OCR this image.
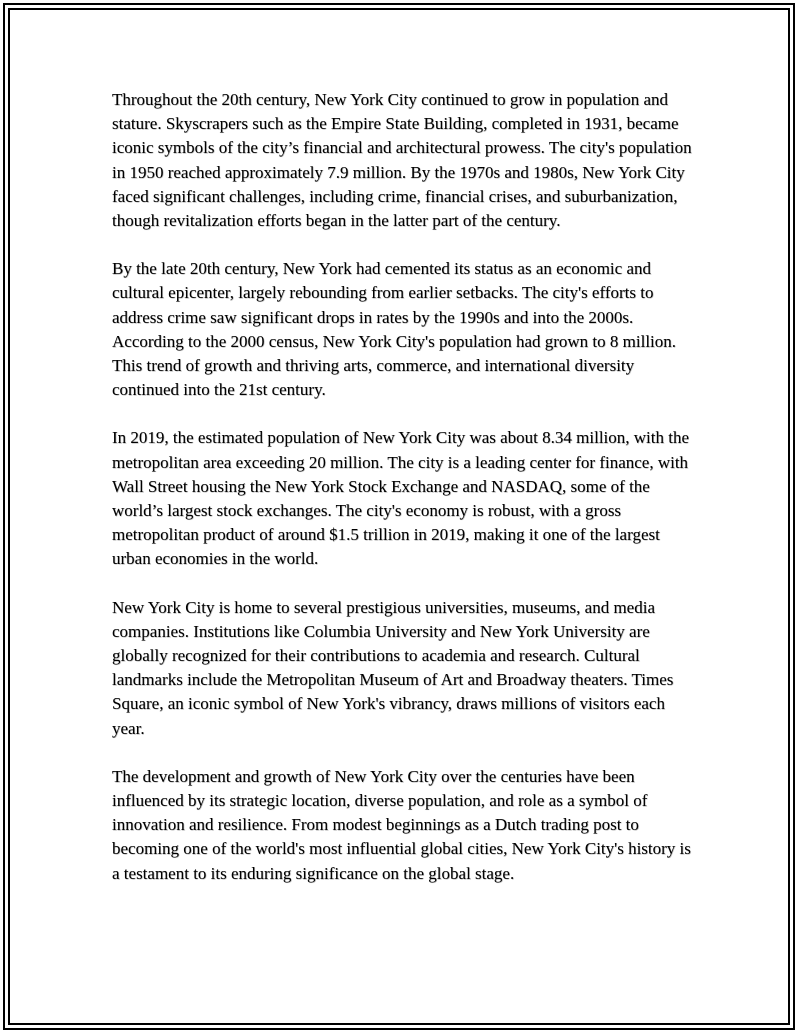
Throughout the 20th century, New York City continued to grow in population and stature. Skyscrapers such as the Empire State Building, completed in 1931, became iconic symbols of the city’s financial and architectural prowess. The city's population in 1950 reached approximately 7.9 million. By the 1970s and 1980s, New York City faced significant challenges, including crime, financial crises, and suburbanization, though revitalization efforts began in the latter part of the century.

By the late 20th century, New York had cemented its status as an economic and cultural epicenter, largely rebounding from earlier setbacks. The city's efforts to address crime saw significant drops in rates by the 1990s and into the 2000s. According to the 2000 census, New York City's population had grown to 8 million. This trend of growth and thriving arts, commerce, and international diversity continued into the 21st century.

In 2019, the estimated population of New York City was about 8.34 million, with the metropolitan area exceeding 20 million. The city is a leading center for finance, with Wall Street housing the New York Stock Exchange and NASDAQ, some of the world’s largest stock exchanges. The city's economy is robust, with a gross metropolitan product of around $1.5 trillion in 2019, making it one of the largest urban economies in the world.

New York City is home to several prestigious universities, museums, and media companies. Institutions like Columbia University and New York University are globally recognized for their contributions to academia and research. Cultural landmarks include the Metropolitan Museum of Art and Broadway theaters. Times Square, an iconic symbol of New York's vibrancy, draws millions of visitors each year.

The development and growth of New York City over the centuries have been influenced by its strategic location, diverse population, and role as a symbol of innovation and resilience. From modest beginnings as a Dutch trading post to becoming one of the world's most influential global cities, New York City's history is a testament to its enduring significance on the global stage.
